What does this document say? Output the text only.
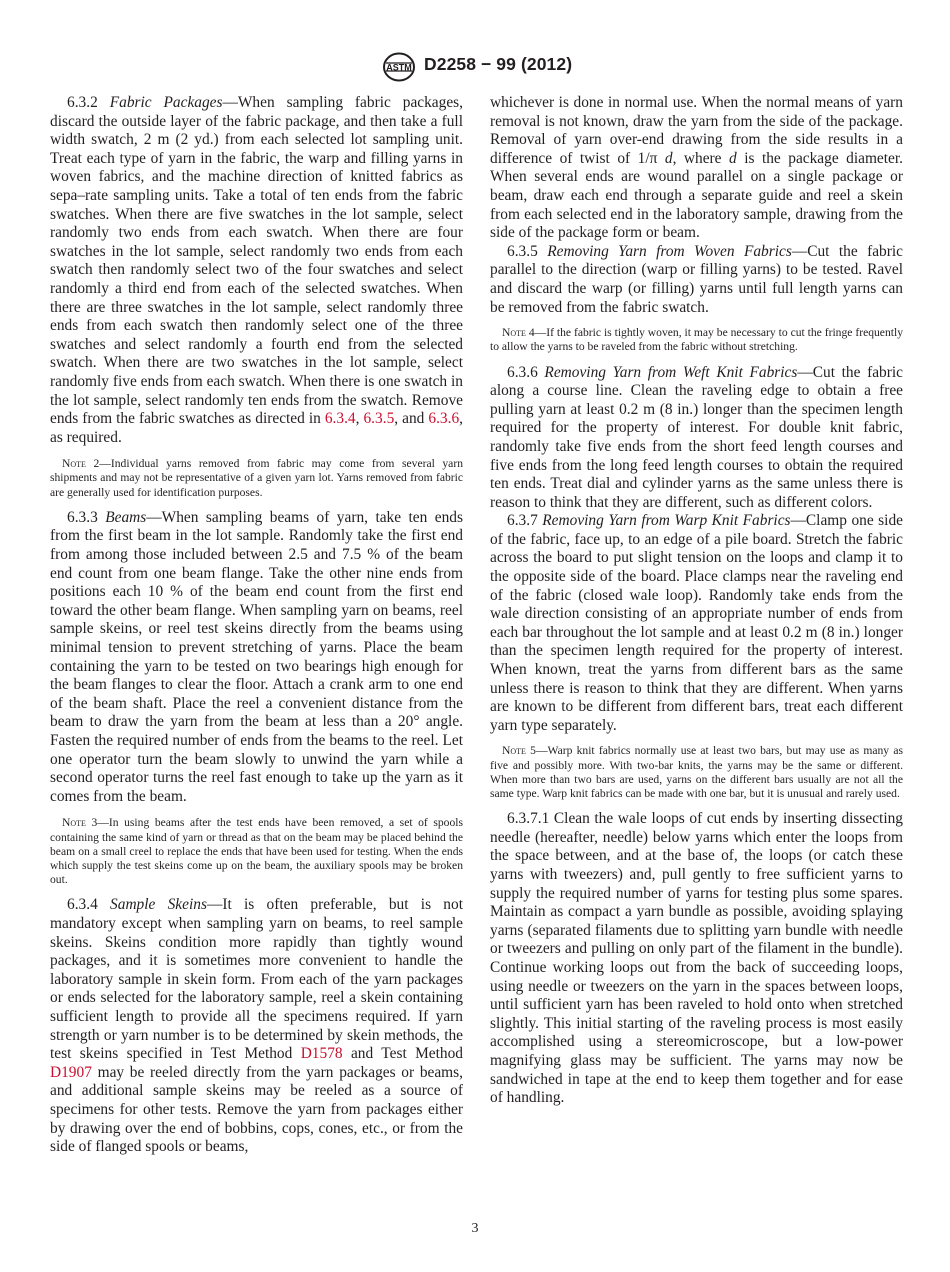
ASTM D2258 − 99 (2012)

6.3.2 Fabric Packages—When sampling fabric packages, discard the outside layer of the fabric package, and then take a full width swatch, 2 m (2 yd.) from each selected lot sampling unit. Treat each type of yarn in the fabric, the warp and filling yarns in woven fabrics, and the machine direction of knitted fabrics as sepa–rate sampling units. Take a total of ten ends from the fabric swatches. When there are five swatches in the lot sample, select randomly two ends from each swatch. When there are four swatches in the lot sample, select randomly two ends from each swatch then randomly select two of the four swatches and select randomly a third end from each of the selected swatches. When there are three swatches in the lot sample, select randomly three ends from each swatch then randomly select one of the three swatches and select randomly a fourth end from the selected swatch. When there are two swatches in the lot sample, select randomly five ends from each swatch. When there is one swatch in the lot sample, select randomly ten ends from the swatch. Remove ends from the fabric swatches as directed in 6.3.4, 6.3.5, and 6.3.6, as required.

Note 2—Individual yarns removed from fabric may come from several yarn shipments and may not be representative of a given yarn lot. Yarns removed from fabric are generally used for identification purposes.

6.3.3 Beams—When sampling beams of yarn, take ten ends from the first beam in the lot sample. Randomly take the first end from among those included between 2.5 and 7.5 % of the beam end count from one beam flange. Take the other nine ends from positions each 10 % of the beam end count from the first end toward the other beam flange. When sampling yarn on beams, reel sample skeins, or reel test skeins directly from the beams using minimal tension to prevent stretching of yarns. Place the beam containing the yarn to be tested on two bearings high enough for the beam flanges to clear the floor. Attach a crank arm to one end of the beam shaft. Place the reel a convenient distance from the beam to draw the yarn from the beam at less than a 20° angle. Fasten the required number of ends from the beams to the reel. Let one operator turn the beam slowly to unwind the yarn while a second operator turns the reel fast enough to take up the yarn as it comes from the beam.

Note 3—In using beams after the test ends have been removed, a set of spools containing the same kind of yarn or thread as that on the beam may be placed behind the beam on a small creel to replace the ends that have been used for testing. When the ends which supply the test skeins come up on the beam, the auxiliary spools may be broken out.

6.3.4 Sample Skeins—It is often preferable, but is not mandatory except when sampling yarn on beams, to reel sample skeins. Skeins condition more rapidly than tightly wound packages, and it is sometimes more convenient to handle the laboratory sample in skein form. From each of the yarn packages or ends selected for the laboratory sample, reel a skein containing sufficient length to provide all the specimens required. If yarn strength or yarn number is to be determined by skein methods, the test skeins specified in Test Method D1578 and Test Method D1907 may be reeled directly from the yarn packages or beams, and additional sample skeins may be reeled as a source of specimens for other tests. Remove the yarn from packages either by drawing over the end of bobbins, cops, cones, etc., or from the side of flanged spools or beams,

whichever is done in normal use. When the normal means of yarn removal is not known, draw the yarn from the side of the package. Removal of yarn over-end drawing from the side results in a difference of twist of 1/π d, where d is the package diameter. When several ends are wound parallel on a single package or beam, draw each end through a separate guide and reel a skein from each selected end in the laboratory sample, drawing from the side of the package form or beam.

6.3.5 Removing Yarn from Woven Fabrics—Cut the fabric parallel to the direction (warp or filling yarns) to be tested. Ravel and discard the warp (or filling) yarns until full length yarns can be removed from the fabric swatch.

Note 4—If the fabric is tightly woven, it may be necessary to cut the fringe frequently to allow the yarns to be raveled from the fabric without stretching.

6.3.6 Removing Yarn from Weft Knit Fabrics—Cut the fabric along a course line. Clean the raveling edge to obtain a free pulling yarn at least 0.2 m (8 in.) longer than the specimen length required for the property of interest. For double knit fabric, randomly take five ends from the short feed length courses and five ends from the long feed length courses to obtain the required ten ends. Treat dial and cylinder yarns as the same unless there is reason to think that they are different, such as different colors.

6.3.7 Removing Yarn from Warp Knit Fabrics—Clamp one side of the fabric, face up, to an edge of a pile board. Stretch the fabric across the board to put slight tension on the loops and clamp it to the opposite side of the board. Place clamps near the raveling end of the fabric (closed wale loop). Randomly take ends from the wale direction consisting of an appropriate number of ends from each bar throughout the lot sample and at least 0.2 m (8 in.) longer than the specimen length required for the property of interest. When known, treat the yarns from different bars as the same unless there is reason to think that they are different. When yarns are known to be different from different bars, treat each different yarn type separately.

Note 5—Warp knit fabrics normally use at least two bars, but may use as many as five and possibly more. With two-bar knits, the yarns may be the same or different. When more than two bars are used, yarns on the different bars usually are not all the same type. Warp knit fabrics can be made with one bar, but it is unusual and rarely used.

6.3.7.1 Clean the wale loops of cut ends by inserting dissecting needle (hereafter, needle) below yarns which enter the loops from the space between, and at the base of, the loops (or catch these yarns with tweezers) and, pull gently to free sufficient yarns to supply the required number of yarns for testing plus some spares. Maintain as compact a yarn bundle as possible, avoiding splaying yarns (separated filaments due to splitting yarn bundle with needle or tweezers and pulling on only part of the filament in the bundle). Continue working loops out from the back of succeeding loops, using needle or tweezers on the yarn in the spaces between loops, until sufficient yarn has been raveled to hold onto when stretched slightly. This initial starting of the raveling process is most easily accomplished using a stereomicroscope, but a low-power magnifying glass may be sufficient. The yarns may now be sandwiched in tape at the end to keep them together and for ease of handling.

3
